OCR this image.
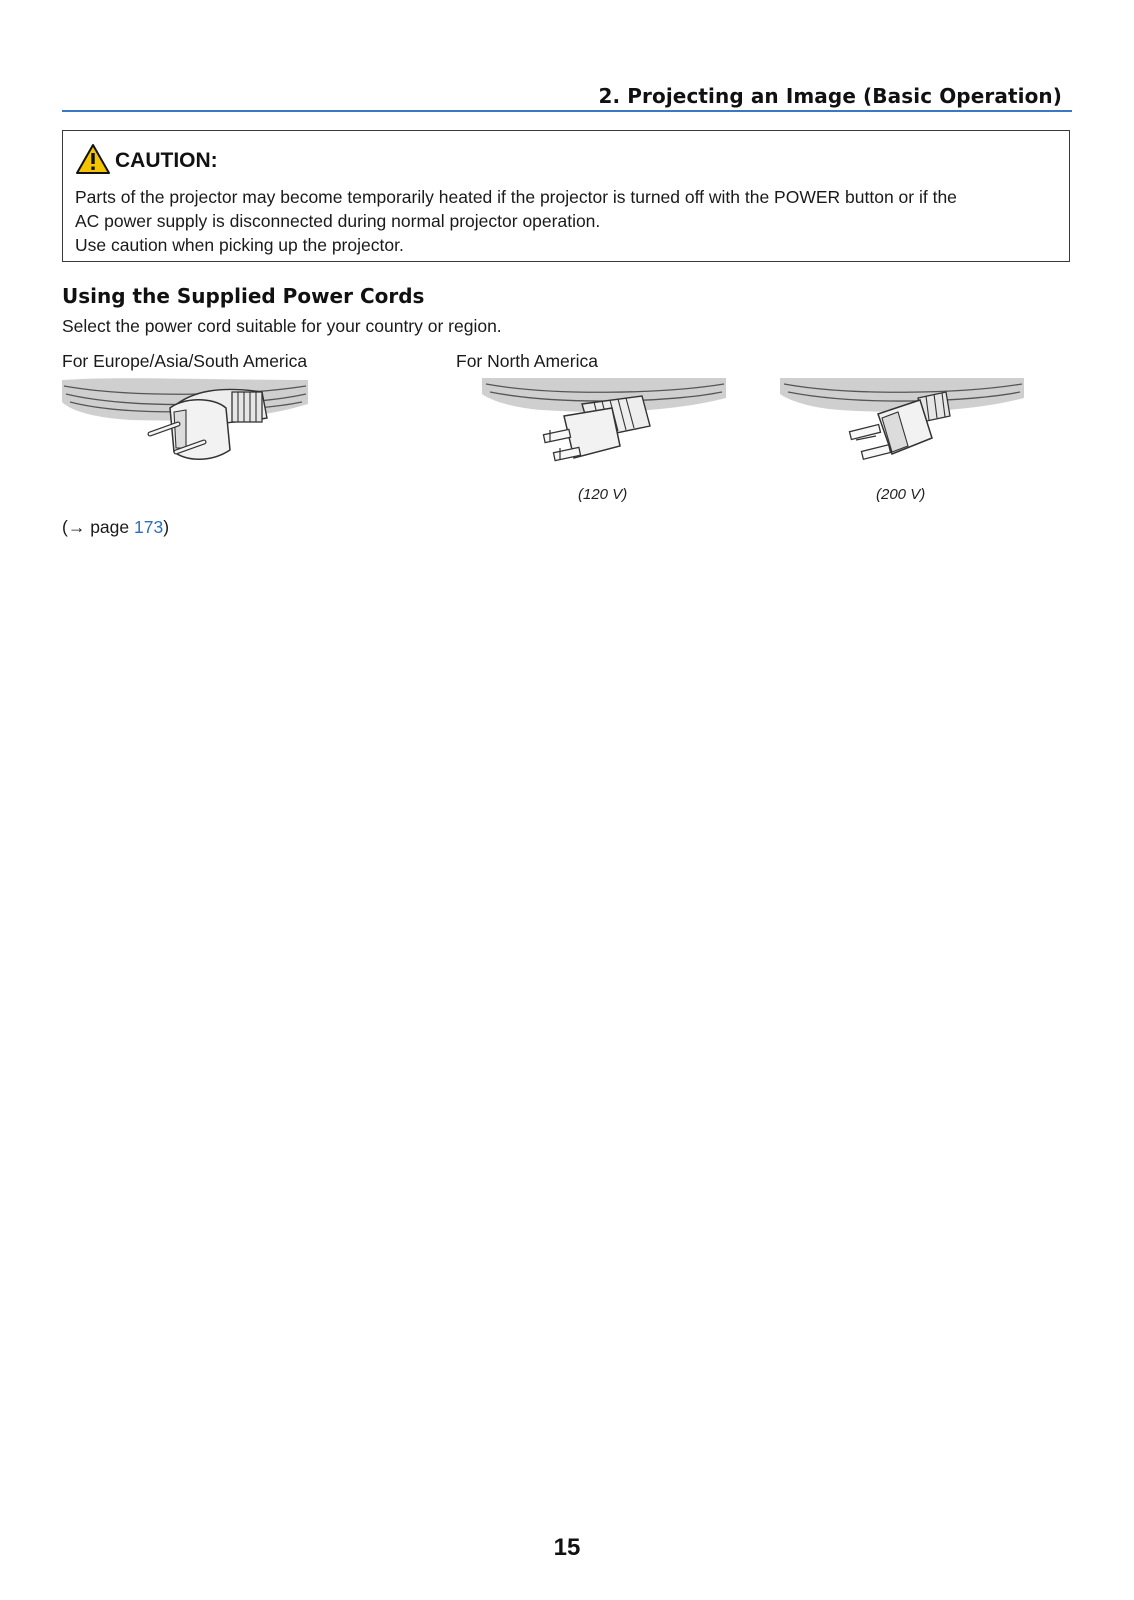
2. Projecting an Image (Basic Operation)
CAUTION:
Parts of the projector may become temporarily heated if the projector is turned off with the POWER button or if the
AC power supply is disconnected during normal projector operation.
Use caution when picking up the projector.
Using the Supplied Power Cords
Select the power cord suitable for your country or region.
For Europe/Asia/South America	For North America
(120 V)	(200 V)
(→ page 173)
15
